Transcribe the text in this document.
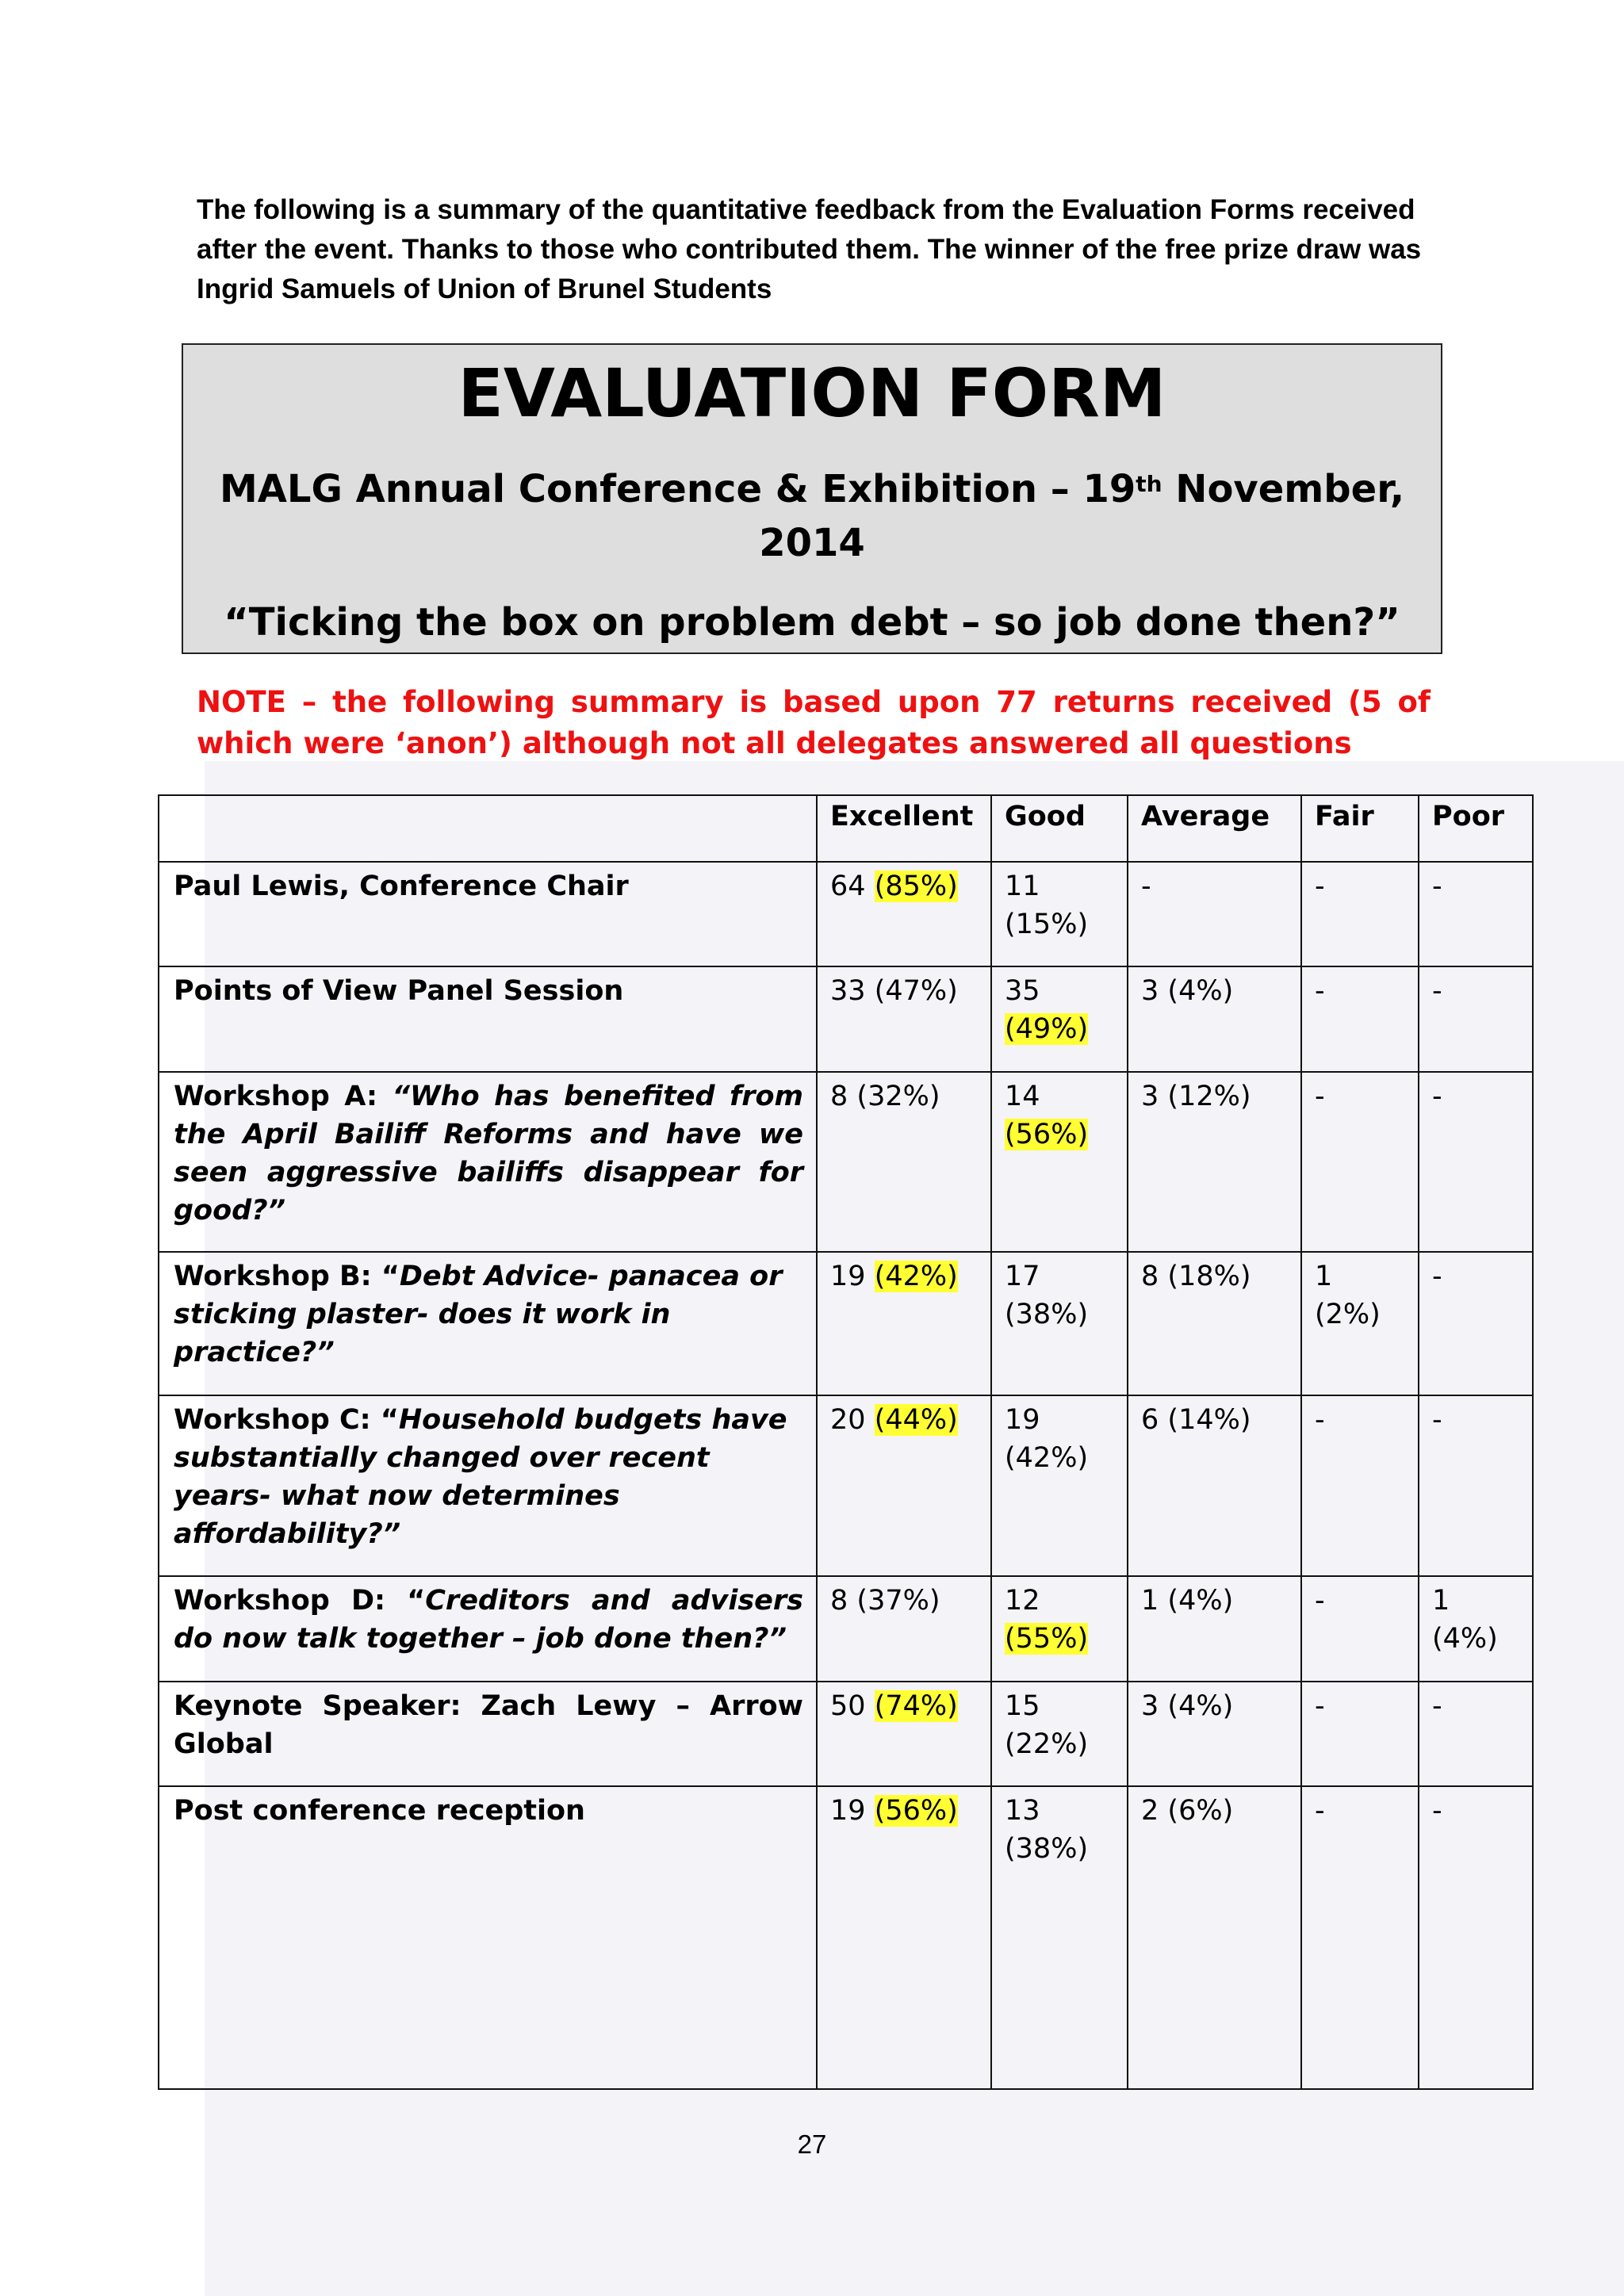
The following is a summary of the quantitative feedback from the Evaluation Forms received after the event. Thanks to those who contributed them. The winner of the free prize draw was Ingrid Samuels of Union of Brunel Students

EVALUATION FORM

MALG Annual Conference & Exhibition – 19th November, 2014

“Ticking the box on problem debt – so job done then?”

NOTE – the following summary is based upon 77 returns received (5 of which were ‘anon’) although not all delegates answered all questions

	Excellent	Good	Average	Fair	Poor
Paul Lewis, Conference Chair	64 (85%)	11 (15%)	-	-	-
Points of View Panel Session	33 (47%)	35 (49%)	3 (4%)	-	-
Workshop A: “Who has benefited from the April Bailiff Reforms and have we seen aggressive bailiffs disappear for good?”	8 (32%)	14 (56%)	3 (12%)	-	-
Workshop B: “Debt Advice- panacea or sticking plaster- does it work in practice?”	19 (42%)	17 (38%)	8 (18%)	1 (2%)	-
Workshop C: “Household budgets have substantially changed over recent years- what now determines affordability?”	20 (44%)	19 (42%)	6 (14%)	-	-
Workshop D: “Creditors and advisers do now talk together – job done then?”	8 (37%)	12 (55%)	1 (4%)	-	1 (4%)
Keynote Speaker: Zach Lewy – Arrow Global	50 (74%)	15 (22%)	3 (4%)	-	-
Post conference reception	19 (56%)	13 (38%)	2 (6%)	-	-
27
